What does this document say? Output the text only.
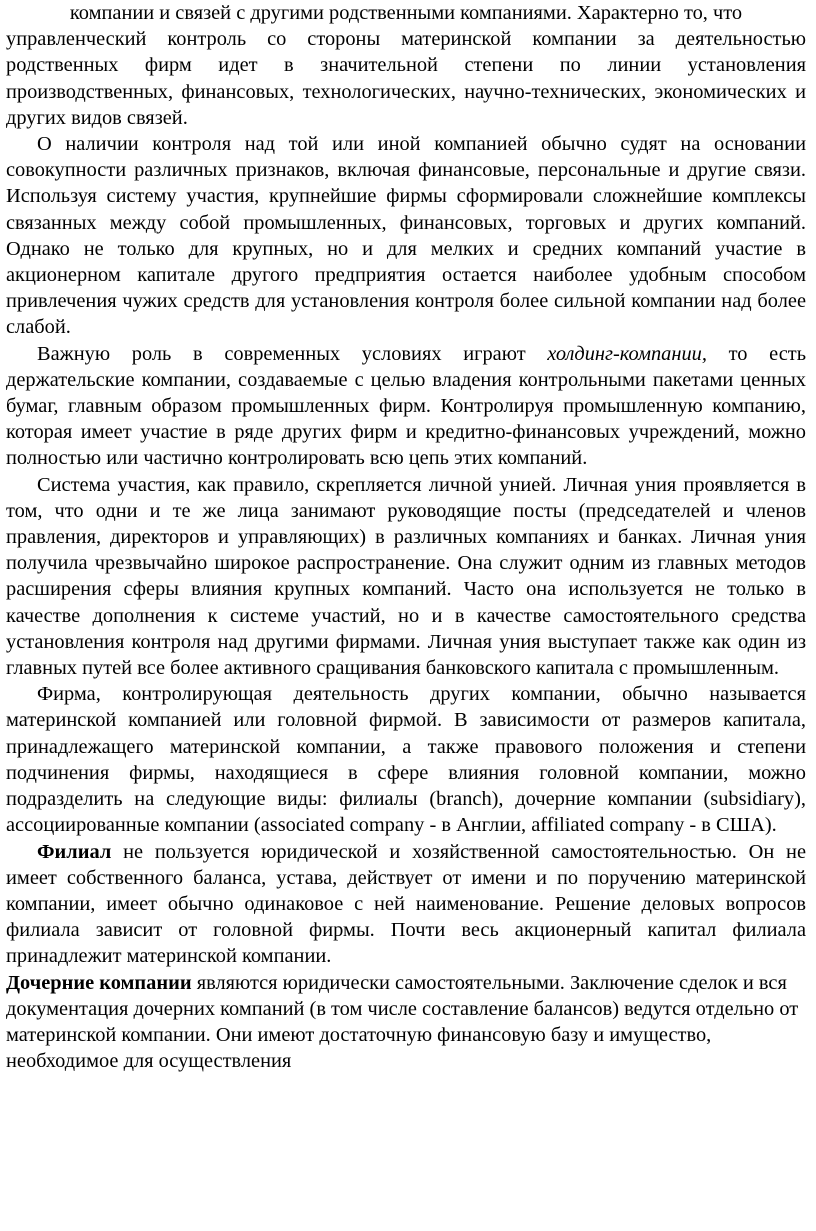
компании и связей с другими родственными компаниями. Характерно то, что
управленческий контроль со стороны материнской компании за деятельностью родственных фирм идет в значительной степени по линии установления производственных, финансовых, технологических, научно-технических, экономических и других видов связей.

О наличии контроля над той или иной компанией обычно судят на основании совокупности различных признаков, включая финансовые, персональные и другие связи. Используя систему участия, крупнейшие фирмы сформировали сложнейшие комплексы связанных между собой промышленных, финансовых, торговых и других компаний. Однако не только для крупных, но и для мелких и средних компаний участие в акционерном капитале другого предприятия остается наиболее удобным способом привлечения чужих средств для установления контроля более сильной компании над более слабой.

Важную роль в современных условиях играют холдинг-компании, то есть держательские компании, создаваемые с целью владения контрольными пакетами ценных бумаг, главным образом промышленных фирм. Контролируя промышленную компанию, которая имеет участие в ряде других фирм и кредитно-финансовых учреждений, можно полностью или частично контролировать всю цепь этих компаний.

Система участия, как правило, скрепляется личной унией. Личная уния проявляется в том, что одни и те же лица занимают руководящие посты (председателей и членов правления, директоров и управляющих) в различных компаниях и банках. Личная уния получила чрезвычайно широкое распространение. Она служит одним из главных методов расширения сферы влияния крупных компаний. Часто она используется не только в качестве дополнения к системе участий, но и в качестве самостоятельного средства установления контроля над другими фирмами. Личная уния выступает также как один из главных путей все более активного сращивания банковского капитала с промышленным.

Фирма, контролирующая деятельность других компании, обычно называется материнской компанией или головной фирмой. В зависимости от размеров капитала, принадлежащего материнской компании, а также правового положения и степени подчинения фирмы, находящиеся в сфере влияния головной компании, можно подразделить на следующие виды: филиалы (branch), дочерние компании (subsidiary), ассоциированные компании (associated company - в Англии, affiliated company - в США).

Филиал не пользуется юридической и хозяйственной самостоятельностью. Он не имеет собственного баланса, устава, действует от имени и по поручению материнской компании, имеет обычно одинаковое с ней наименование. Решение деловых вопросов филиала зависит от головной фирмы. Почти весь акционерный капитал филиала принадлежит материнской компании.

Дочерние компании являются юридически самостоятельными. Заключение сделок и вся документация дочерних компаний (в том числе составление балансов) ведутся отдельно от материнской компании. Они имеют достаточную финансовую базу и имущество, необходимое для осуществления
